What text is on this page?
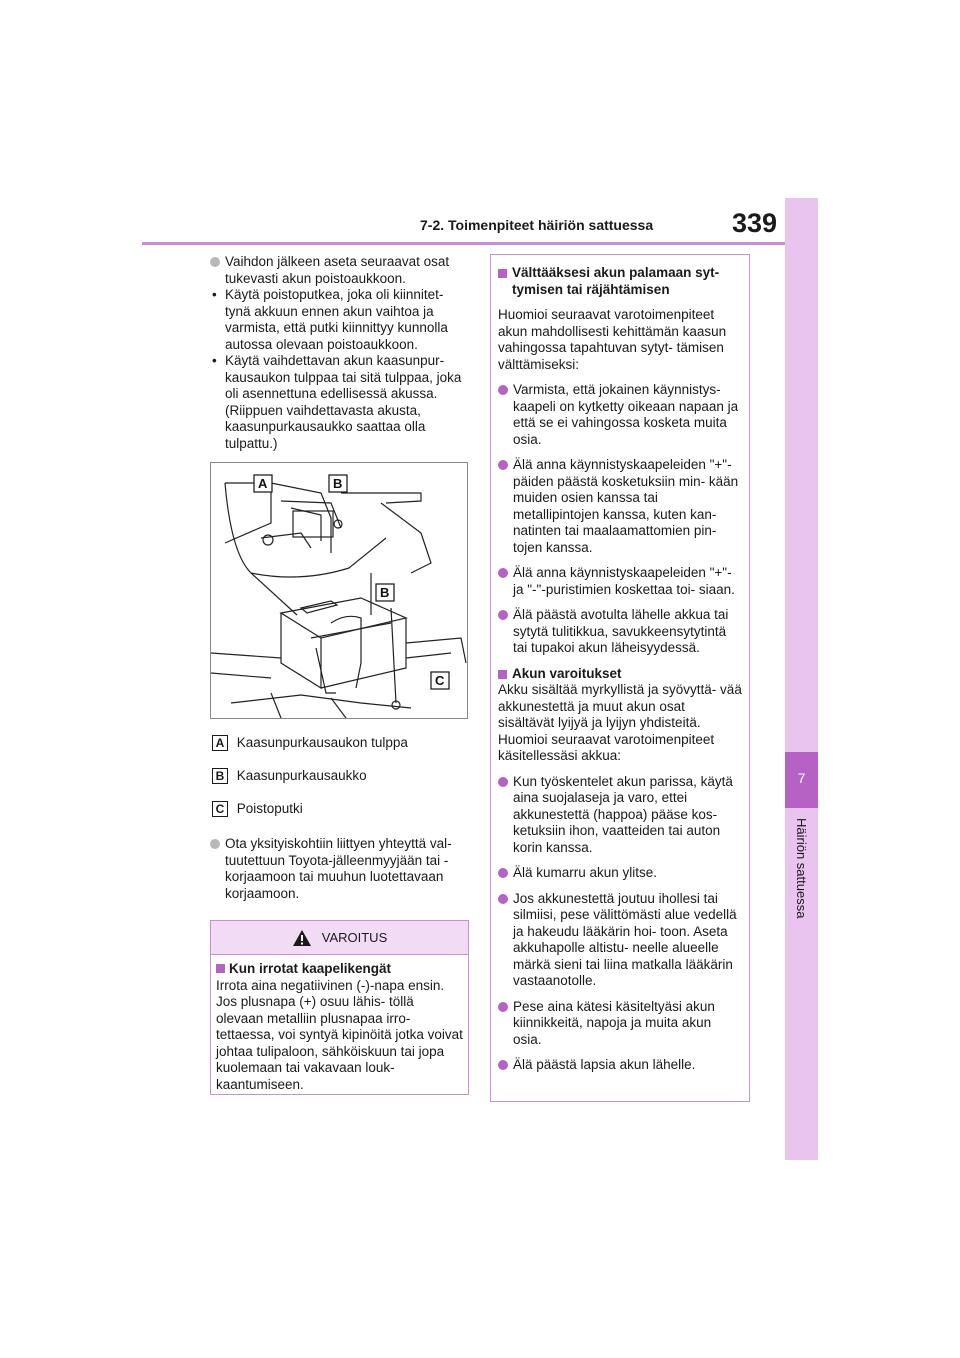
7-2. Toimenpiteet häiriön sattuessa	339
7
Häiriön sattuessa
Vaihdon jälkeen aseta seuraavat osat tukevasti akun poistoaukkoon.
• Käytä poistoputkea, joka oli kiinnitet- tynä akkuun ennen akun vaihtoa ja varmista, että putki kiinnittyy kunnolla autossa olevaan poistoaukkoon.
• Käytä vaihdettavan akun kaasunpur- kausaukon tulppaa tai sitä tulppaa, joka oli asennettuna edellisessä akussa. (Riippuen vaihdettavasta akusta, kaasunpurkausaukko saattaa olla tulpattu.)
A	B
B
C
A Kaasunpurkausaukon tulppa
B Kaasunpurkausaukko
C Poistoputki
Ota yksityiskohtiin liittyen yhteyttä val- tuutettuun Toyota-jälleenmyyjään tai -korjaamoon tai muuhun luotettavaan korjaamoon.
VAROITUS
Kun irrotat kaapelikengät
Irrota aina negatiivinen (-)-napa ensin. Jos plusnapa (+) osuu lähis- töllä olevaan metalliin plusnapaa irro- tettaessa, voi syntyä kipinöitä jotka voivat johtaa tulipaloon, sähköiskuun tai jopa kuolemaan tai vakavaan louk- kaantumiseen.

Välttääksesi akun palamaan syt- tymisen tai räjähtämisen

Huomioi seuraavat varotoimenpiteet akun mahdollisesti kehittämän kaasun vahingossa tapahtuvan sytyt- tämisen välttämiseksi:

Varmista, että jokainen käynnistys- kaapeli on kytketty oikeaan napaan ja että se ei vahingossa kosketa muita osia.
Älä anna käynnistyskaapeleiden "+"-päiden päästä kosketuksiin min- kään muiden osien kanssa tai metallipintojen kanssa, kuten kan- natinten tai maalaamattomien pin- tojen kanssa.
Älä anna käynnistyskaapeleiden "+"- ja "-"-puristimien koskettaa toi- siaan.
Älä päästä avotulta lähelle akkua tai sytytä tulitikkua, savukkeensytytintä tai tupakoi akun läheisyydessä.

Akun varoitukset

Akku sisältää myrkyllistä ja syövyttä- vää akkunestettä ja muut akun osat sisältävät lyijyä ja lyijyn yhdisteitä. Huomioi seuraavat varotoimenpiteet käsitellessäsi akkua:

Kun työskentelet akun parissa, käytä aina suojalaseja ja varo, ettei akkunestettä (happoa) pääse kos- ketuksiin ihon, vaatteiden tai auton korin kanssa.
Älä kumarru akun ylitse.
Jos akkunestettä joutuu ihollesi tai silmiisi, pese välittömästi alue vedellä ja hakeudu lääkärin hoi- toon. Aseta akkuhapolle altistu- neelle alueelle märkä sieni tai liina matkalla lääkärin vastaanotolle.
Pese aina kätesi käsiteltyäsi akun kiinnikkeitä, napoja ja muita akun osia.
Älä päästä lapsia akun lähelle.
